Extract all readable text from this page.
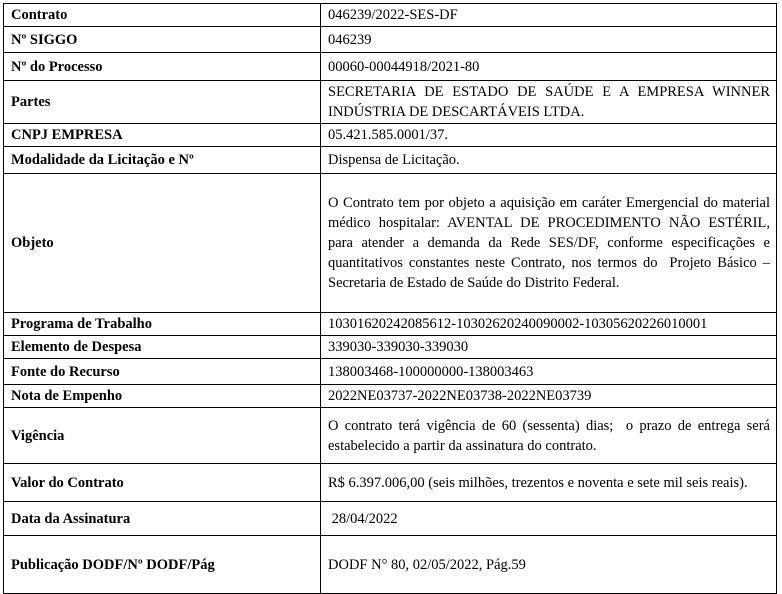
Contrato	046239/2022-SES-DF
Nº SIGGO	046239
Nº do Processo	00060-00044918/2021-80
Partes	SECRETARIA DE ESTADO DE SAÚDE E A EMPRESA WINNER INDÚSTRIA DE DESCARTÁVEIS LTDA.
CNPJ EMPRESA	05.421.585.0001/37.
Modalidade da Licitação e Nº	Dispensa de Licitação.
Objeto	O Contrato tem por objeto a aquisição em caráter Emergencial do material médico hospitalar: AVENTAL DE PROCEDIMENTO NÃO ESTÉRIL, para atender a demanda da Rede SES/DF, conforme especificações e quantitativos constantes neste Contrato, nos termos do  Projeto Básico – Secretaria de Estado de Saúde do Distrito Federal.
Programa de Trabalho	10301620242085612-10302620240090002-10305620226010001
Elemento de Despesa	339030-339030-339030
Fonte do Recurso	138003468-100000000-138003463
Nota de Empenho	2022NE03737-2022NE03738-2022NE03739
Vigência	O contrato terá vigência de 60 (sessenta) dias;  o prazo de entrega será estabelecido a partir da assinatura do contrato.
Valor do Contrato	R$ 6.397.006,00 (seis milhões, trezentos e noventa e sete mil seis reais).
Data da Assinatura	28/04/2022
Publicação DODF/Nº DODF/Pág	DODF N° 80, 02/05/2022, Pág.59
